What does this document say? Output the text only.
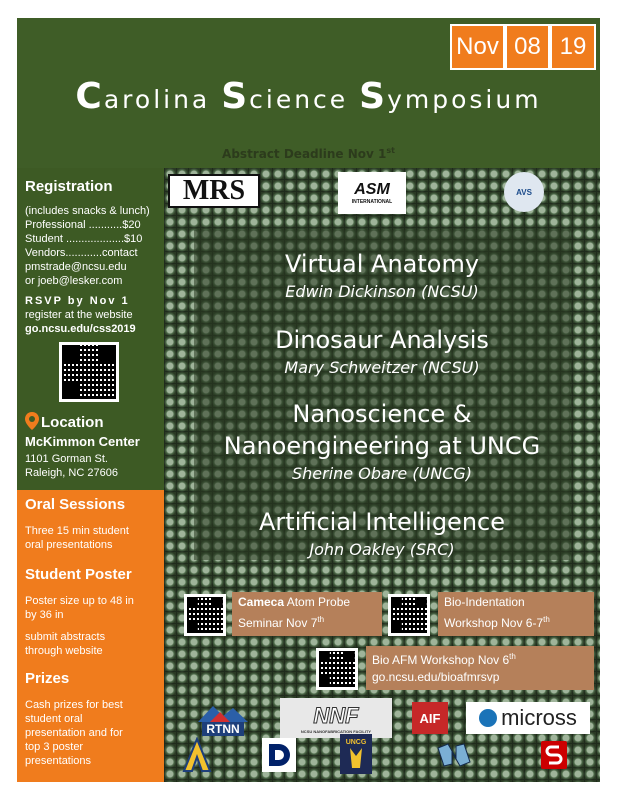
Nov 08 19
Carolina Science Symposium
Abstract Deadline Nov 1st
Registration
(includes snacks & lunch)
Professional ...........$20
Student ...................$10
Vendors............contact
pmstrade@ncsu.edu
or joeb@lesker.com
RSVP by Nov 1
register at the website
go.ncsu.edu/css2019
Location
McKimmon Center
1101 Gorman St.
Raleigh, NC 27606
Oral Sessions
Three 15 min student
oral presentations
Student Poster
Poster size up to 48 in
by 36 in
submit abstracts
through website
Prizes
Cash prizes for best
student oral
presentation and for
top 3 poster
presentations
MRS	ASM
INTERNATIONAL
AVS
Virtual Anatomy
Edwin Dickinson (NCSU)
Dinosaur Analysis
Mary Schweitzer (NCSU)
Nanoscience &
Nanoengineering at UNCG
Sherine Obare (UNCG)
Artificial Intelligence
John Oakley (SRC)
Cameca Atom Probe
Seminar Nov 7th
Bio-Indentation
Workshop Nov 6-7th
Bio AFM Workshop Nov 6th
go.ncsu.edu/bioafmrsvp
RTNN
NNF
NCSU NANOFABRICATION FACILITY
AIF	micross
UNCG
